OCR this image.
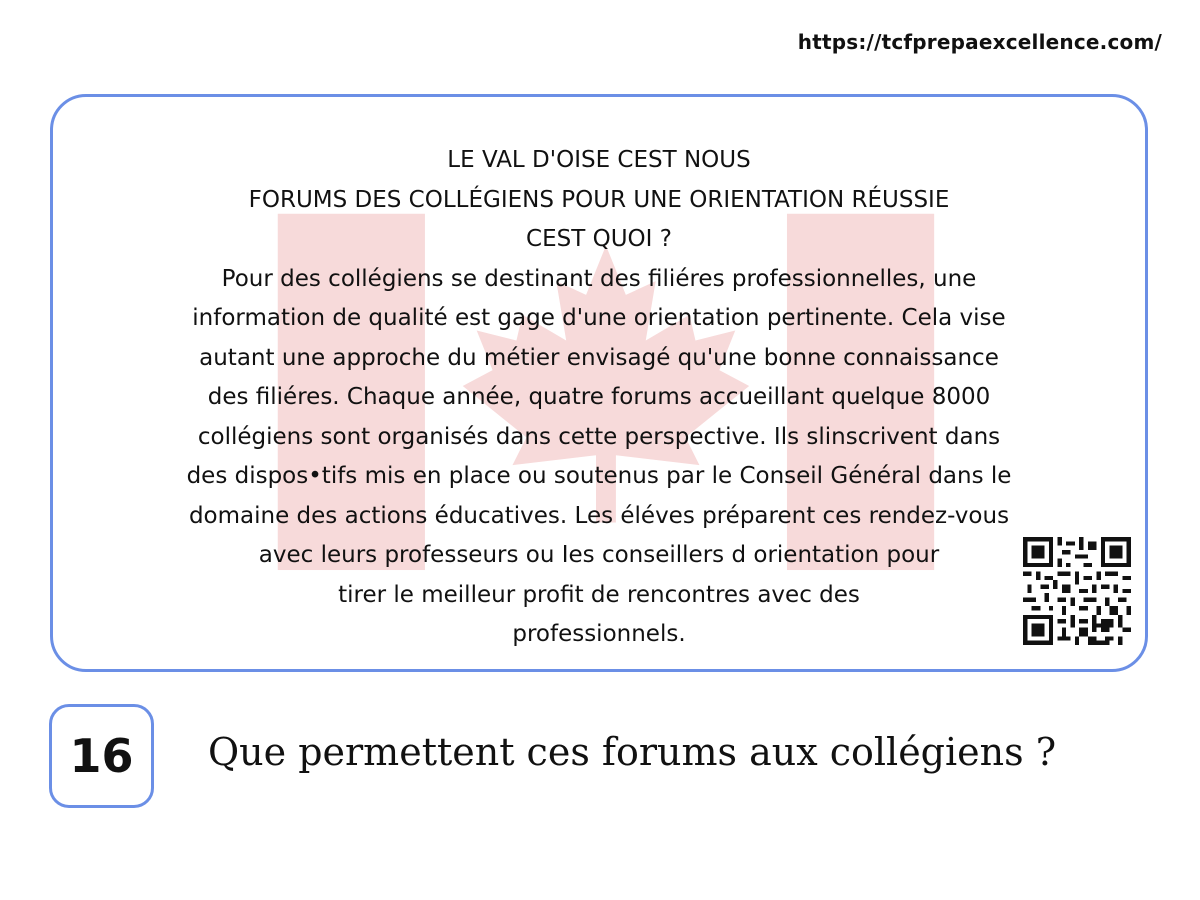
https://tcfprepaexcellence.com/
LE VAL D'OISE CEST NOUS
FORUMS DES COLLÉGIENS POUR UNE ORIENTATION RÉUSSIE
CEST QUOI ?
Pour des collégiens se destinant des filiéres professionnelles, une
information de qualité est gage d'une orientation pertinente. Cela vise
autant une approche du métier envisagé qu'une bonne connaissance
des filiéres. Chaque année, quatre forums accueillant quelque 8000
collégiens sont organisés dans cette perspective. Ils slinscrivent dans
des dispos•tifs mis en place ou soutenus par le Conseil Général dans le
domaine des actions éducatives. Les éléves préparent ces rendez-vous
avec leurs professeurs ou Ies conseillers d orientation pour
tirer le meilleur profit de rencontres avec des
professionnels.
16 Que permettent ces forums aux collégiens ?
